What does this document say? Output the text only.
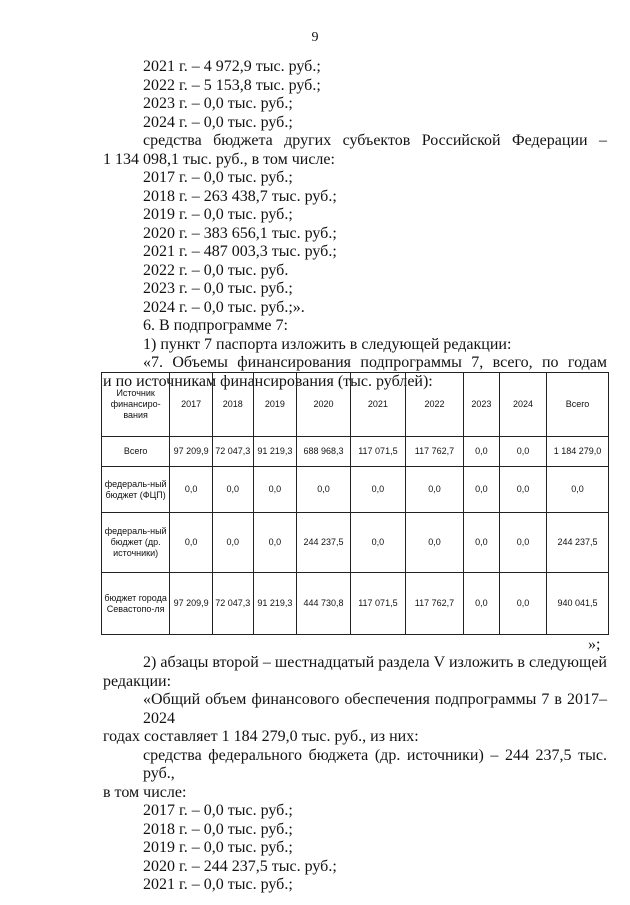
9
2021 г. – 4 972,9 тыс. руб.;
2022 г. – 5 153,8 тыс. руб.;
2023 г. – 0,0 тыс. руб.;
2024 г. – 0,0 тыс. руб.;
средства бюджета других субъектов Российской Федерации –
1 134 098,1 тыс. руб., в том числе:
2017 г. – 0,0 тыс. руб.;
2018 г. – 263 438,7 тыс. руб.;
2019 г. – 0,0 тыс. руб.;
2020 г. – 383 656,1 тыс. руб.;
2021 г. – 487 003,3 тыс. руб.;
2022 г. – 0,0 тыс. руб.
2023 г. – 0,0 тыс. руб.;
2024 г. – 0,0 тыс. руб.;».
6. В подпрограмме 7:
1) пункт 7 паспорта изложить в следующей редакции:
«7. Объемы финансирования подпрограммы 7, всего, по годам
и по источникам финансирования (тыс. рублей):
Источник финансиро-вания	2017	2018	2019	2020	2021	2022	2023	2024	Всего
Всего	97 209,9	72 047,3	91 219,3	688 968,3	117 071,5	117 762,7	0,0	0,0	1 184 279,0
федераль-ный бюджет (ФЦП)	0,0	0,0	0,0	0,0	0,0	0,0	0,0	0,0	0,0
федераль-ный бюджет (др. источники)	0,0	0,0	0,0	244 237,5	0,0	0,0	0,0	0,0	244 237,5
бюджет города Севастопо-ля	97 209,9	72 047,3	91 219,3	444 730,8	117 071,5	117 762,7	0,0	0,0	940 041,5
»;
2) абзацы второй – шестнадцатый раздела V изложить в следующей
редакции:
«Общий объем финансового обеспечения подпрограммы 7 в 2017–2024
годах составляет 1 184 279,0 тыс. руб., из них:
средства федерального бюджета (др. источники) – 244 237,5 тыс. руб.,
в том числе:
2017 г. – 0,0 тыс. руб.;
2018 г. – 0,0 тыс. руб.;
2019 г. – 0,0 тыс. руб.;
2020 г. – 244 237,5 тыс. руб.;
2021 г. – 0,0 тыс. руб.;
